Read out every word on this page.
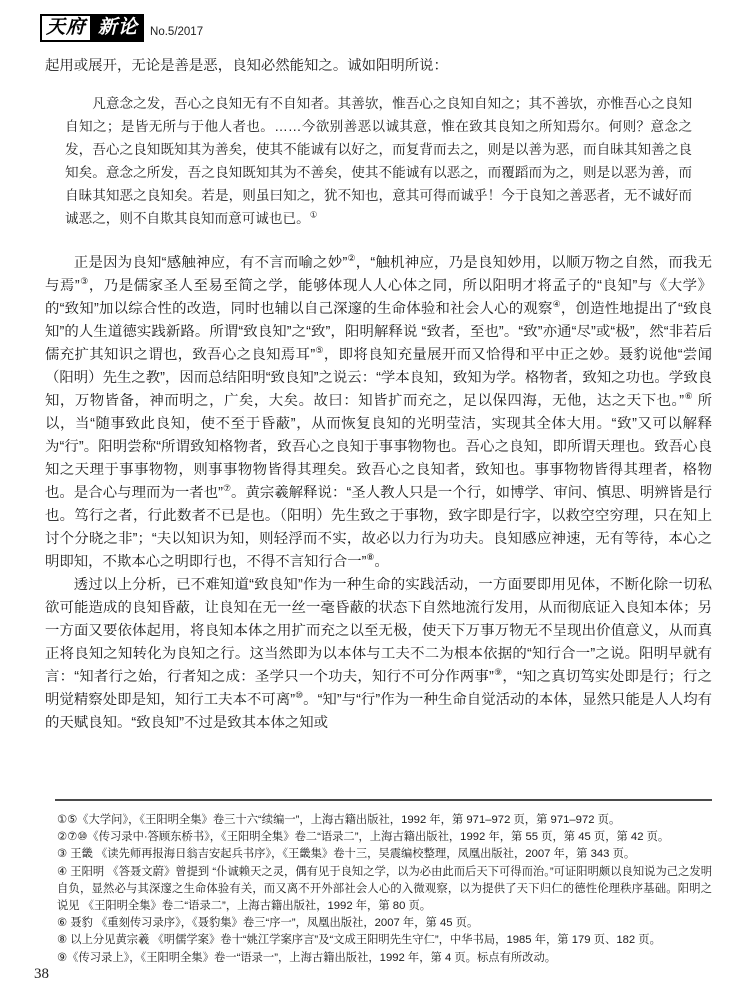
天府 新论	No.5/2017

起用或展开，无论是善是恶，良知必然能知之。诚如阳明所说：

凡意念之发，吾心之良知无有不自知者。其善欤，惟吾心之良知自知之；其不善欤，亦惟吾心之良知自知之；是皆无所与于他人者也。……今欲别善恶以诚其意，惟在致其良知之所知焉尔。何则？意念之发，吾心之良知既知其为善矣，使其不能诚有以好之，而复背而去之，则是以善为恶，而自昧其知善之良知矣。意念之所发，吾之良知既知其为不善矣，使其不能诚有以恶之，而覆蹈而为之，则是以恶为善，而自昧其知恶之良知矣。若是，则虽曰知之，犹不知也，意其可得而诚乎！今于良知之善恶者，无不诚好而诚恶之，则不自欺其良知而意可诚也已。①

正是因为良知“感触神应，有不言而喻之妙”②，“触机神应，乃是良知妙用，以顺万物之自然，而我无与焉”③，乃是儒家圣人至易至简之学，能够体现人人心体之同，所以阳明才将孟子的“良知”与《大学》的“致知”加以综合性的改造，同时也辅以自己深邃的生命体验和社会人心的观察④，创造性地提出了“致良知”的人生道德实践新路。所谓“致良知”之“致”，阳明解释说 “致者，至也”。“致”亦通“尽”或“极”，然“非若后儒充扩其知识之谓也，致吾心之良知焉耳”⑤，即将良知充量展开而又恰得和平中正之妙。聂豹说他“尝闻（阳明）先生之教”，因而总结阳明“致良知”之说云：“学本良知，致知为学。格物者，致知之功也。学致良知，万物皆备，神而明之，广矣，大矣。故曰：知皆扩而充之，足以保四海，无他，达之天下也。”⑥ 所以，当“随事致此良知，使不至于昏蔽”，从而恢复良知的光明莹洁，实现其全体大用。“致”又可以解释为“行”。阳明尝称“所谓致知格物者，致吾心之良知于事事物物也。吾心之良知，即所谓天理也。致吾心良知之天理于事事物物，则事事物物皆得其理矣。致吾心之良知者，致知也。事事物物皆得其理者，格物也。是合心与理而为一者也”⑦。黄宗羲解释说：“圣人教人只是一个行，如博学、审问、慎思、明辨皆是行也。笃行之者，行此数者不已是也。（阳明）先生致之于事物，致字即是行字，以救空空穷理，只在知上讨个分晓之非”；“夫以知识为知，则轻浮而不实，故必以力行为功夫。良知感应神速，无有等待，本心之明即知，不欺本心之明即行也，不得不言知行合一”⑧。

透过以上分析，已不难知道“致良知”作为一种生命的实践活动，一方面要即用见体，不断化除一切私欲可能造成的良知昏蔽，让良知在无一丝一毫昏蔽的状态下自然地流行发用，从而彻底证入良知本体；另一方面又要依体起用，将良知本体之用扩而充之以至无极，使天下万事万物无不呈现出价值意义，从而真正将良知之知转化为良知之行。这当然即为以本体与工夫不二为根本依据的“知行合一”之说。阳明早就有言：“知者行之始，行者知之成：圣学只一个功夫，知行不可分作两事”⑨，“知之真切笃实处即是行；行之明觉精察处即是知，知行工夫本不可离”⑩。“知”与“行”作为一种生命自觉活动的本体，显然只能是人人均有的天赋良知。“致良知”不过是致其本体之知或

①⑤《大学问》，《王阳明全集》卷三十六“续编一”，上海古籍出版社，1992 年，第 971–972 页，第 971–972 页。

②⑦⑩《传习录中·答顾东桥书》，《王阳明全集》卷二“语录二”，上海古籍出版社，1992 年，第 55 页，第 45 页，第 42 页。

③ 王畿 《读先师再报海日翁吉安起兵书序》，《王畿集》卷十三，吴震编校整理，凤凰出版社，2007 年，第 343 页。

④ 王阳明 《答聂文蔚》曾提到 “仆诚赖天之灵，偶有见于良知之学，以为必由此而后天下可得而治。”可证阳明颇以良知说为己之发明自负，显然必与其深邃之生命体验有关，而又离不开外部社会人心的入微观察，以为提供了天下归仁的德性伦理秩序基础。阳明之说见 《王阳明全集》卷二“语录二”，上海古籍出版社，1992 年，第 80 页。

⑥ 聂豹 《重刻传习录序》，《聂豹集》卷三“序一”，凤凰出版社，2007 年，第 45 页。

⑧ 以上分见黄宗羲 《明儒学案》卷十“姚江学案序言”及“文成王阳明先生守仁”，中华书局，1985 年，第 179 页、182 页。

⑨《传习录上》，《王阳明全集》卷一“语录一”，上海古籍出版社，1992 年，第 4 页。标点有所改动。

38
